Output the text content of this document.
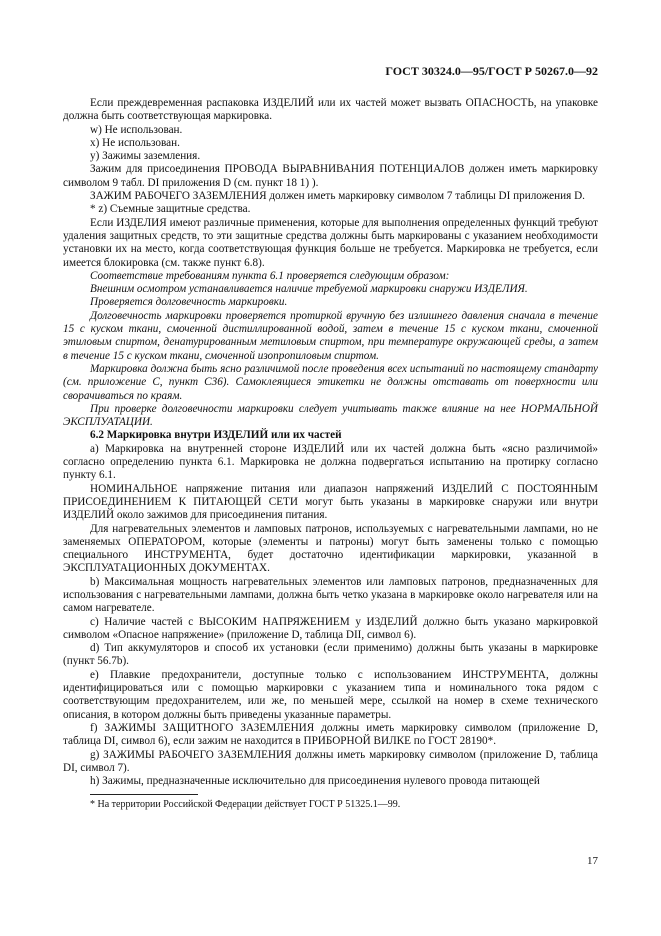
ГОСТ 30324.0—95/ГОСТ Р 50267.0—92

Если преждевременная распаковка ИЗДЕЛИЙ или их частей может вызвать ОПАСНОСТЬ, на упаковке должна быть соответствующая маркировка.

w) Не использован.

х) Не использован.

у) Зажимы заземления.

Зажим для присоединения ПРОВОДА ВЫРАВНИВАНИЯ ПОТЕНЦИАЛОВ должен иметь маркировку символом 9 табл. DI приложения D (см. пункт 18 1) ).

ЗАЖИМ РАБОЧЕГО ЗАЗЕМЛЕНИЯ должен иметь маркировку символом 7 таблицы DI приложения D.

* z) Съемные защитные средства.

Если ИЗДЕЛИЯ имеют различные применения, которые для выполнения определенных функций требуют удаления защитных средств, то эти защитные средства должны быть маркированы с указанием необходимости установки их на место, когда соответствующая функция больше не требуется. Маркировка не требуется, если имеется блокировка (см. также пункт 6.8).

Соответствие требованиям пункта 6.1 проверяется следующим образом:

Внешним осмотром устанавливается наличие требуемой маркировки снаружи ИЗДЕЛИЯ.

Проверяется долговечность маркировки.

Долговечность маркировки проверяется протиркой вручную без излишнего давления сначала в течение 15 с куском ткани, смоченной дистиллированной водой, затем в течение 15 с куском ткани, смоченной этиловым спиртом, денатурированным метиловым спиртом, при температуре окружающей среды, а затем в течение 15 с куском ткани, смоченной изопропиловым спиртом.

Маркировка должна быть ясно различимой после проведения всех испытаний по настоящему стандарту (см. приложение С, пункт С36). Самоклеящиеся этикетки не должны отставать от поверхности или сворачиваться по краям.

При проверке долговечности маркировки следует учитывать также влияние на нее НОРМАЛЬНОЙ ЭКСПЛУАТАЦИИ.

6.2 Маркировка внутри ИЗДЕЛИЙ или их частей

а) Маркировка на внутренней стороне ИЗДЕЛИЙ или их частей должна быть «ясно различимой» согласно определению пункта 6.1. Маркировка не должна подвергаться испытанию на протирку согласно пункту 6.1.

НОМИНАЛЬНОЕ напряжение питания или диапазон напряжений ИЗДЕЛИЙ С ПОСТОЯННЫМ ПРИСОЕДИНЕНИЕМ К ПИТАЮЩЕЙ СЕТИ могут быть указаны в маркировке снаружи или внутри ИЗДЕЛИЙ около зажимов для присоединения питания.

Для нагревательных элементов и ламповых патронов, используемых с нагревательными лампами, но не заменяемых ОПЕРАТОРОМ, которые (элементы и патроны) могут быть заменены только с помощью специального ИНСТРУМЕНТА, будет достаточно идентификации маркировки, указанной в ЭКСПЛУАТАЦИОННЫХ ДОКУМЕНТАХ.

b) Максимальная мощность нагревательных элементов или ламповых патронов, предназначенных для использования с нагревательными лампами, должна быть четко указана в маркировке около нагревателя или на самом нагревателе.

с) Наличие частей с ВЫСОКИМ НАПРЯЖЕНИЕМ у ИЗДЕЛИЙ должно быть указано маркировкой символом «Опасное напряжение» (приложение D, таблица DII, символ 6).

d) Тип аккумуляторов и способ их установки (если применимо) должны быть указаны в маркировке (пункт 56.7b).

е) Плавкие предохранители, доступные только с использованием ИНСТРУМЕНТА, должны идентифицироваться или с помощью маркировки с указанием типа и номинального тока рядом с соответствующим предохранителем, или же, по меньшей мере, ссылкой на номер в схеме технического описания, в котором должны быть приведены указанные параметры.

f) ЗАЖИМЫ ЗАЩИТНОГО ЗАЗЕМЛЕНИЯ должны иметь маркировку символом (приложение D, таблица DI, символ 6), если зажим не находится в ПРИБОРНОЙ ВИЛКЕ по ГОСТ 28190*.

g) ЗАЖИМЫ РАБОЧЕГО ЗАЗЕМЛЕНИЯ должны иметь маркировку символом (приложение D, таблица DI, символ 7).

h) Зажимы, предназначенные исключительно для присоединения нулевого провода питающей

* На территории Российской Федерации действует ГОСТ Р 51325.1—99.
17
